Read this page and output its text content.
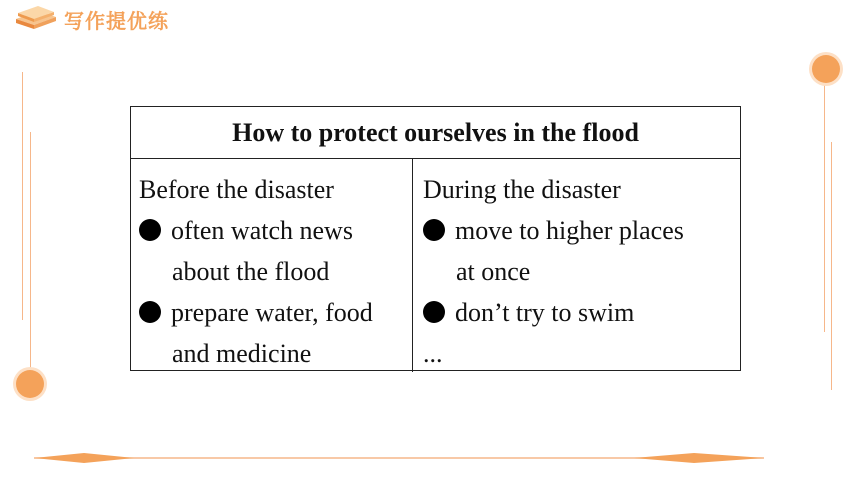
写作提优练
How to protect ourselves in the flood
Before the disaster
often watch news
about the flood
prepare water, food
and medicine
During the disaster
move to higher places
at once
don’t try to swim
...
